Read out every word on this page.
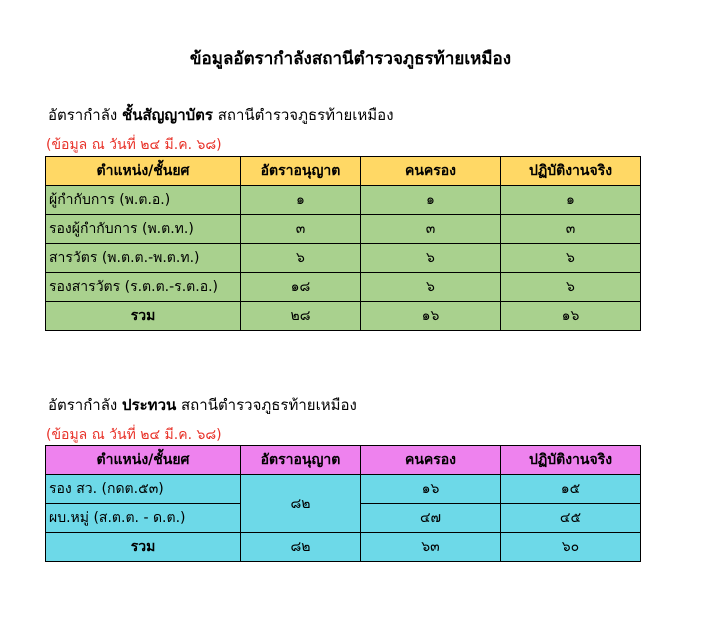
ข้อมูลอัตรากำลังสถานีตำรวจภูธรท้ายเหมือง
อัตรากำลัง ชั้นสัญญาบัตร สถานีตำรวจภูธรท้ายเหมือง
(ข้อมูล ณ วันที่ ๒๔ มี.ค. ๖๘)
ตำแหน่ง/ชั้นยศ	อัตราอนุญาต	คนครอง	ปฏิบัติงานจริง
ผู้กำกับการ (พ.ต.อ.)	๑	๑	๑
รองผู้กำกับการ (พ.ต.ท.)	๓	๓	๓
สารวัตร (พ.ต.ต.-พ.ต.ท.)	๖	๖	๖
รองสารวัตร (ร.ต.ต.-ร.ต.อ.)	๑๘	๖	๖
รวม	๒๘	๑๖	๑๖
อัตรากำลัง ประทวน สถานีตำรวจภูธรท้ายเหมือง
(ข้อมูล ณ วันที่ ๒๔ มี.ค. ๖๘)
ตำแหน่ง/ชั้นยศ	อัตราอนุญาต	คนครอง	ปฏิบัติงานจริง
รอง สว. (กดต.๕๓)	๘๒	๑๖	๑๕
ผบ.หมู่ (ส.ต.ต. - ด.ต.)		๔๗	๔๕
รวม	๘๒	๖๓	๖๐
